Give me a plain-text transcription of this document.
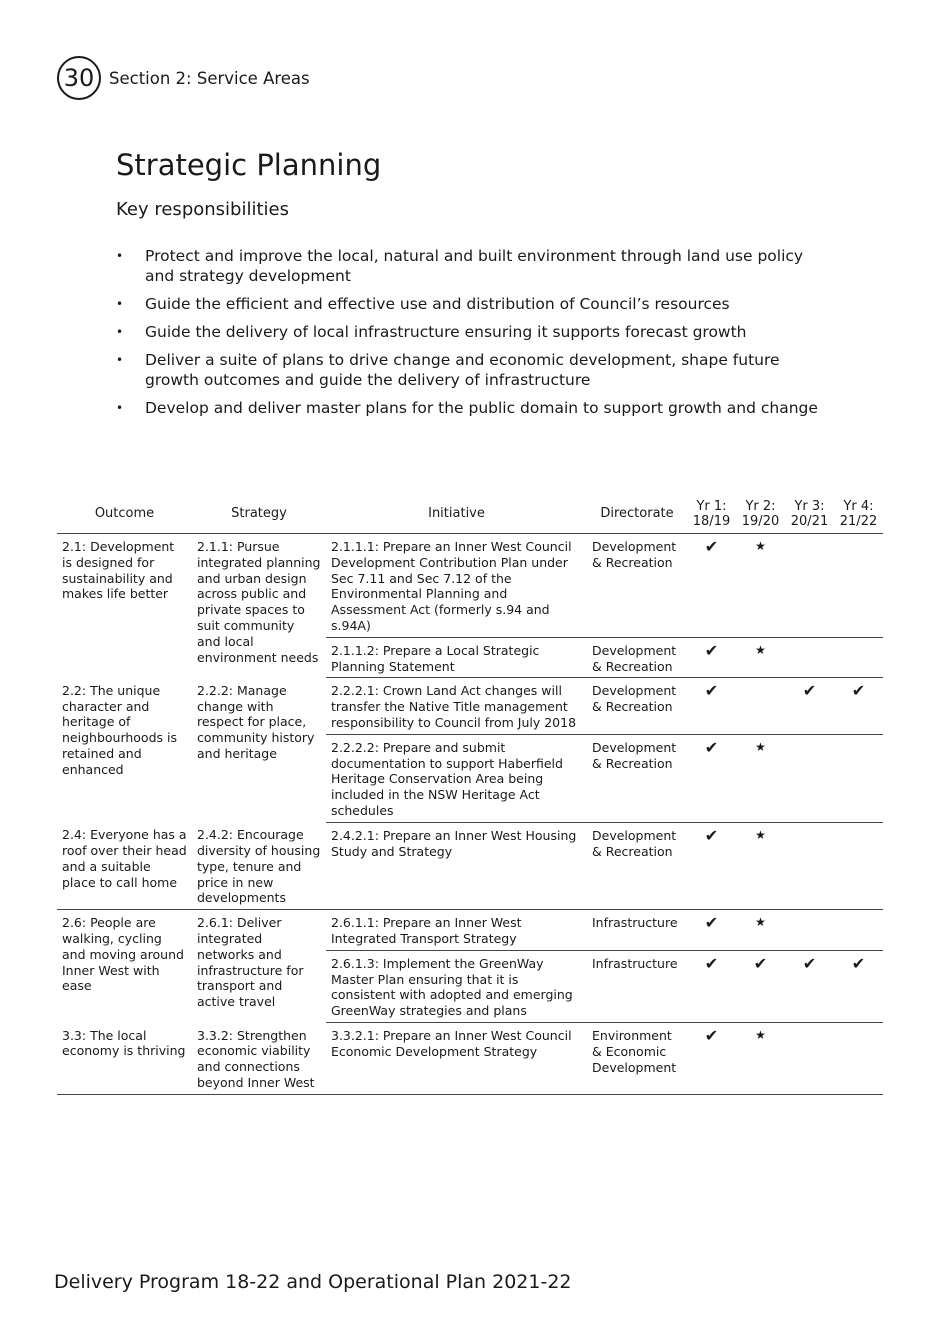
30 Section 2: Service Areas
Strategic Planning
Key responsibilities
• Protect and improve the local, natural and built environment through land use policy and strategy development
• Guide the efficient and effective use and distribution of Council’s resources
• Guide the delivery of local infrastructure ensuring it supports forecast growth
• Deliver a suite of plans to drive change and economic development, shape future growth outcomes and guide the delivery of infrastructure
• Develop and deliver master plans for the public domain to support growth and change
Outcome	Strategy	Initiative	Directorate	Yr 1: 18/19	Yr 2: 19/20	Yr 3: 20/21	Yr 4: 21/22
2.1: Development is designed for sustainability and makes life better	2.1.1: Pursue integrated planning and urban design across public and private spaces to suit community and local environment needs	2.1.1.1: Prepare an Inner West Council Development Contribution Plan under Sec 7.11 and Sec 7.12 of the Environmental Planning and Assessment Act (formerly s.94 and s.94A)	Development & Recreation	✔	★		
		2.1.1.2: Prepare a Local Strategic Planning Statement	Development & Recreation	✔	★		
2.2: The unique character and heritage of neighbourhoods is retained and enhanced	2.2.2: Manage change with respect for place, community history and heritage	2.2.2.1: Crown Land Act changes will transfer the Native Title management responsibility to Council from July 2018	Development & Recreation	✔		✔	✔
		2.2.2.2: Prepare and submit documentation to support Haberfield Heritage Conservation Area being included in the NSW Heritage Act schedules	Development & Recreation	✔	★		
2.4: Everyone has a roof over their head and a suitable place to call home	2.4.2: Encourage diversity of housing type, tenure and price in new developments	2.4.2.1: Prepare an Inner West Housing Study and Strategy	Development & Recreation	✔	★		
2.6: People are walking, cycling and moving around Inner West with ease	2.6.1: Deliver integrated networks and infrastructure for transport and active travel	2.6.1.1: Prepare an Inner West Integrated Transport Strategy	Infrastructure	✔	★		
		2.6.1.3: Implement the GreenWay Master Plan ensuring that it is consistent with adopted and emerging GreenWay strategies and plans	Infrastructure	✔	✔	✔	✔
3.3: The local economy is thriving	3.3.2: Strengthen economic viability and connections beyond Inner West	3.3.2.1: Prepare an Inner West Council Economic Development Strategy	Environment & Economic Development	✔	★		
Delivery Program 18-22 and Operational Plan 2021-22
